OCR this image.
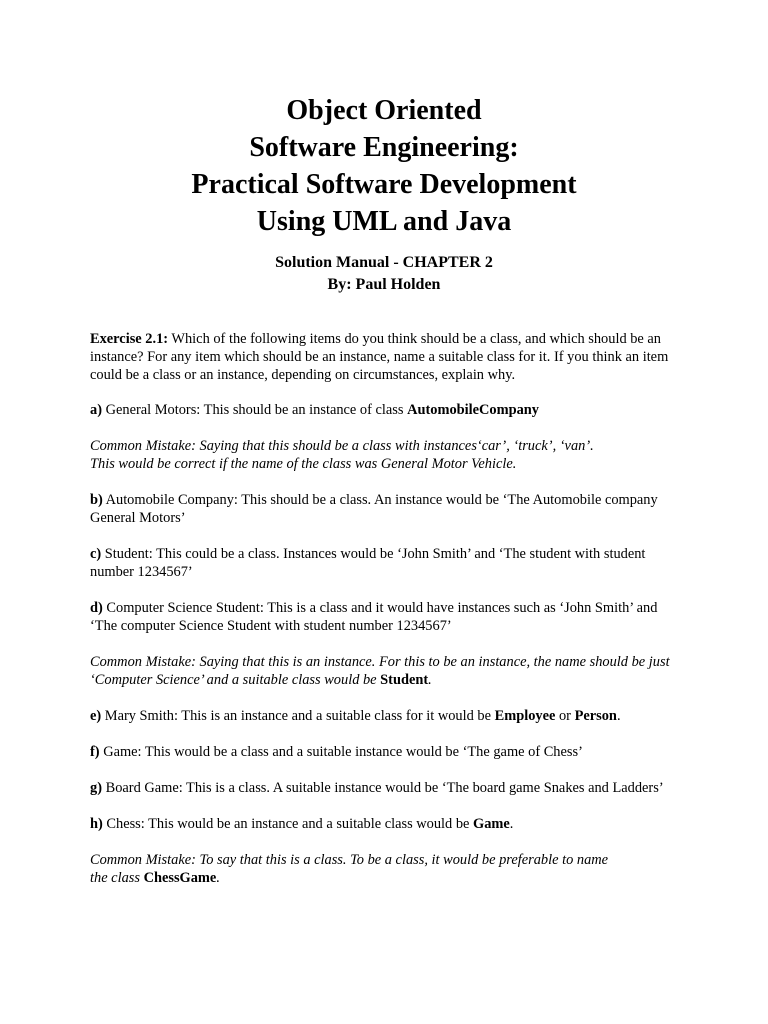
Object Oriented
Software Engineering:
Practical Software Development
Using UML and Java
Solution Manual - CHAPTER 2
By: Paul Holden

Exercise 2.1: Which of the following items do you think should be a class, and which should be an instance? For any item which should be an instance, name a suitable class for it. If you think an item could be a class or an instance, depending on circumstances, explain why.

a) General Motors: This should be an instance of class AutomobileCompany

Common Mistake: Saying that this should be a class with instances‘car’, ‘truck’, ‘van’.
This would be correct if the name of the class was General Motor Vehicle.

b) Automobile Company: This should be a class. An instance would be ‘The Automobile company General Motors’

c) Student: This could be a class. Instances would be ‘John Smith’ and ‘The student with student number 1234567’

d) Computer Science Student: This is a class and it would have instances such as ‘John Smith’ and ‘The computer Science Student with student number 1234567’

Common Mistake: Saying that this is an instance. For this to be an instance, the name should be just ‘Computer Science’ and a suitable class would be Student.

e) Mary Smith: This is an instance and a suitable class for it would be Employee or Person.

f) Game: This would be a class and a suitable instance would be ‘The game of Chess’

g) Board Game: This is a class. A suitable instance would be ‘The board game Snakes and Ladders’

h) Chess: This would be an instance and a suitable class would be Game.

Common Mistake: To say that this is a class. To be a class, it would be preferable to name
the class ChessGame.
